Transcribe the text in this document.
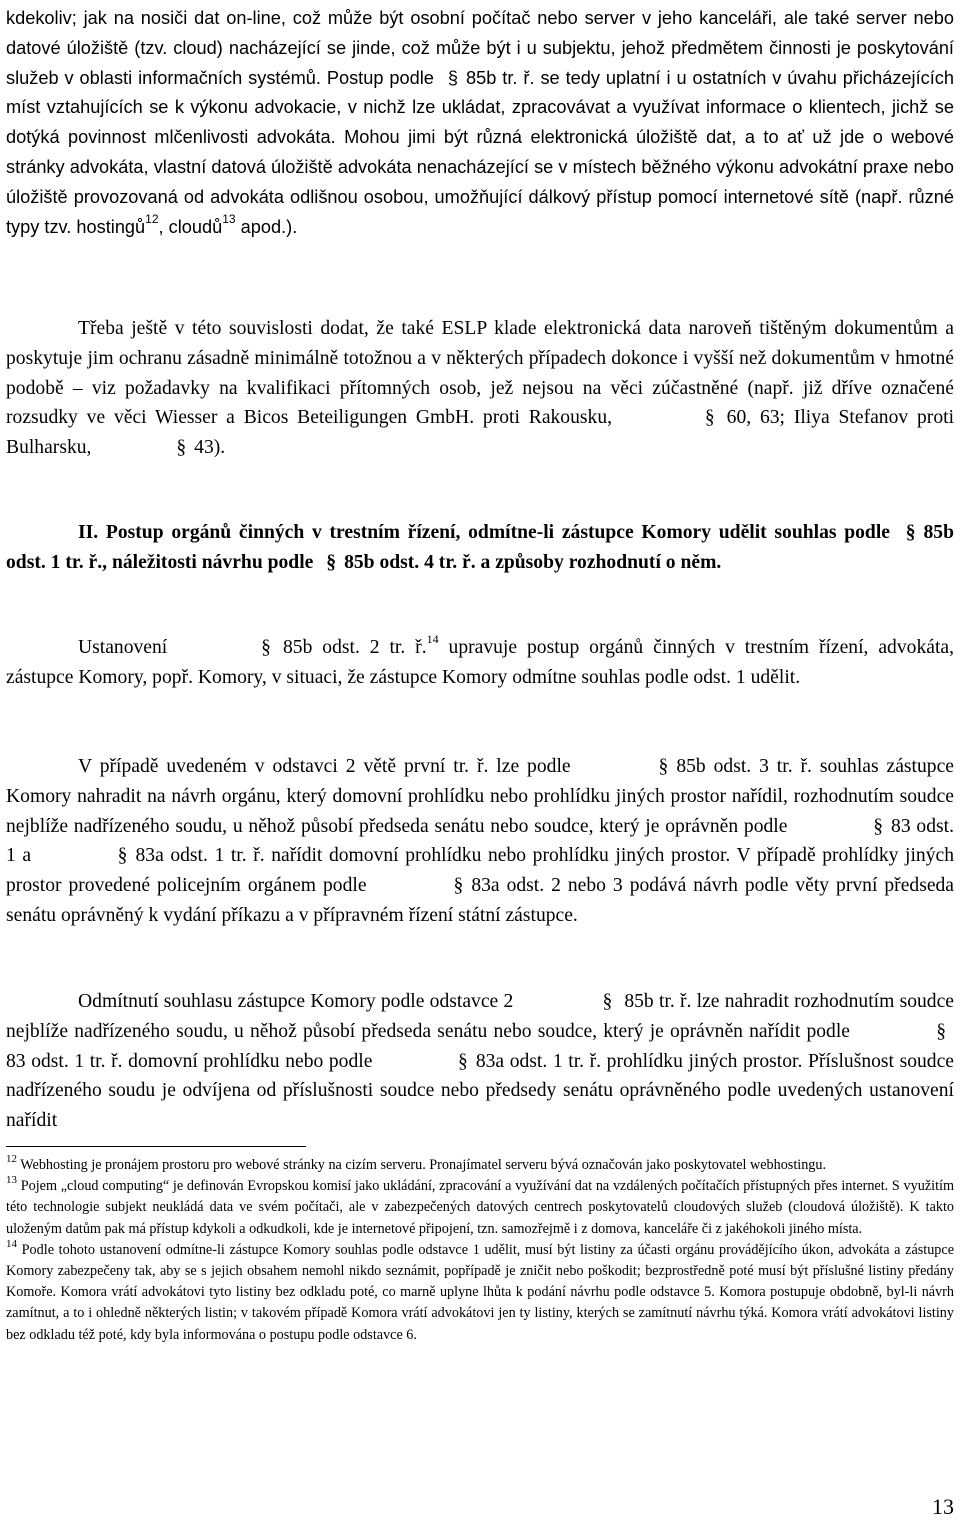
kdekoliv; jak na nosiči dat on-line, což může být osobní počítač nebo server v jeho kanceláři, ale také server nebo datové úložiště (tzv. cloud) nacházející se jinde, což může být i u subjektu, jehož předmětem činnosti je poskytování služeb v oblasti informačních systémů. Postup podle § 85b tr. ř. se tedy uplatní i u ostatních v úvahu přicházejících míst vztahujících se k výkonu advokacie, v nichž lze ukládat, zpracovávat a využívat informace o klientech, jichž se dotýká povinnost mlčenlivosti advokáta. Mohou jimi být různá elektronická úložiště dat, a to ať už jde o webové stránky advokáta, vlastní datová úložiště advokáta nenacházející se v místech běžného výkonu advokátní praxe nebo úložiště provozovaná od advokáta odlišnou osobou, umožňující dálkový přístup pomocí internetové sítě (např. různé typy tzv. hostingů$^{12}$, cloudů$^{13}$ apod.).

Třeba ještě v této souvislosti dodat, že také ESLP klade elektronická data naroveň tištěným dokumentům a poskytuje jim ochranu zásadně minimálně totožnou a v některých případech dokonce i vyšší než dokumentům v hmotné podobě – viz požadavky na kvalifikaci přítomných osob, jež nejsou na věci zúčastněné (např. již dříve označené rozsudky ve věci Wiesser a Bicos Beteiligungen GmbH. proti Rakousku,	§ 60, 63; Iliya Stefanov proti Bulharsku,	§ 43).

II. Postup orgánů činných v trestním řízení, odmítne-li zástupce Komory udělit souhlas podle § 85b odst. 1 tr. ř., náležitosti návrhu podle § 85b odst. 4 tr. ř. a způsoby rozhodnutí o něm.

Ustanovení	§ 85b odst. 2 tr. ř.$^{14}$ upravuje postup orgánů činných v trestním řízení, advokáta, zástupce Komory, popř. Komory, v situaci, že zástupce Komory odmítne souhlas podle odst. 1 udělit.

V případě uvedeném v odstavci 2 větě první tr. ř. lze podle	§ 85b odst. 3 tr. ř. souhlas zástupce Komory nahradit na návrh orgánu, který domovní prohlídku nebo prohlídku jiných prostor nařídil, rozhodnutím soudce nejblíže nadřízeného soudu, u něhož působí předseda senátu nebo soudce, který je oprávněn podle	§ 83 odst. 1 a	§ 83a odst. 1 tr. ř. nařídit domovní prohlídku nebo prohlídku jiných prostor. V případě prohlídky jiných prostor provedené policejním orgánem podle	§ 83a odst. 2 nebo 3 podává návrh podle věty první předseda senátu oprávněný k vydání příkazu a v přípravném řízení státní zástupce.

Odmítnutí souhlasu zástupce Komory podle odstavce 2	§ 85b tr. ř. lze nahradit rozhodnutím soudce nejblíže nadřízeného soudu, u něhož působí předseda senátu nebo soudce, který je oprávněn nařídit podle	§83 odst. 1 tr. ř. domovní prohlídku nebo podle	§ 83a odst. 1 tr. ř. prohlídku jiných prostor. Příslušnost soudce nadřízeného soudu je odvíjena od příslušnosti soudce nebo předsedy senátu oprávněného podle uvedených ustanovení nařídit

$^{12}$ Webhosting je pronájem prostoru pro webové stránky na cizím serveru. Pronajímatel serveru bývá označován jako poskytovatel webhostingu.

$^{13}$ Pojem „cloud computing“ je definován Evropskou komisí jako ukládání, zpracování a využívání dat na vzdálených počítačích přístupných přes internet. S využitím této technologie subjekt neukládá data ve svém počítači, ale v zabezpečených datových centrech poskytovatelů cloudových služeb (cloudová úložiště). K takto uloženým datům pak má přístup kdykoli a odkudkoli, kde je internetové připojení, tzn. samozřejmě i z domova, kanceláře či z jakéhokoli jiného místa.

$^{14}$ Podle tohoto ustanovení odmítne-li zástupce Komory souhlas podle odstavce 1 udělit, musí být listiny za účasti orgánu provádějícího úkon, advokáta a zástupce Komory zabezpečeny tak, aby se s jejich obsahem nemohl nikdo seznámit, popřípadě je zničit nebo poškodit; bezprostředně poté musí být příslušné listiny předány Komoře. Komora vrátí advokátovi tyto listiny bez odkladu poté, co marně uplyne lhůta k podání návrhu podle odstavce 5. Komora postupuje obdobně, byl-li návrh zamítnut, a to i ohledně některých listin; v takovém případě Komora vrátí advokátovi jen ty listiny, kterých se zamítnutí návrhu týká. Komora vrátí advokátovi listiny bez odkladu též poté, kdy byla informována o postupu podle odstavce 6.

13
